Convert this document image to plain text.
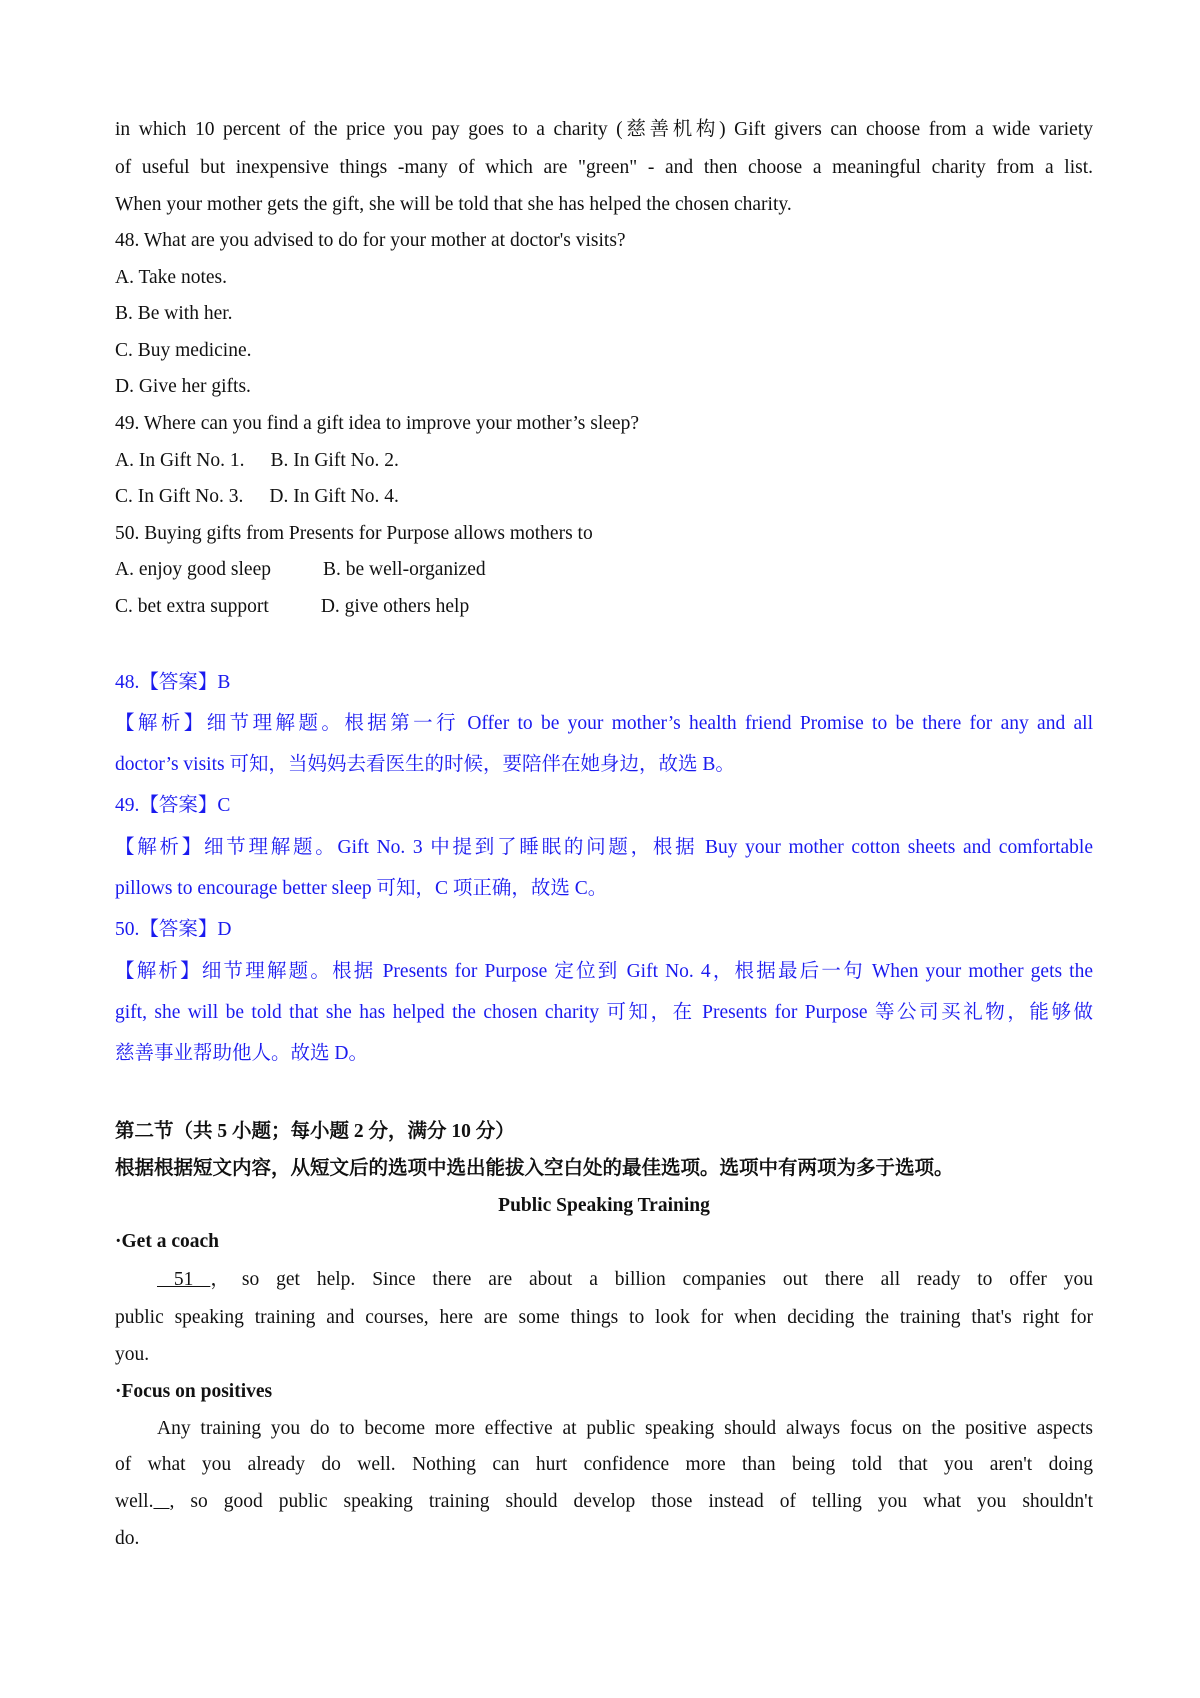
in which 10 percent of the price you pay goes to a charity (慈善机构) Gift givers can choose from a wide variety
of useful but inexpensive things -many of which are "green" - and then choose a meaningful charity from a list.
When your mother gets the gift, she will be told that she has helped the chosen charity.
48. What are you advised to do for your mother at doctor's visits?
A. Take notes.
B. Be with her.
C. Buy medicine.
D. Give her gifts.
49. Where can you find a gift idea to improve your mother’s sleep?
A. In Gift No. 1. B. In Gift No. 2.
C. In Gift No. 3. D. In Gift No. 4.
50. Buying gifts from Presents for Purpose allows mothers to
A. enjoy good sleep	B. be well-organized
C. bet extra support	D. give others help
48.【答案】B
【解析】细节理解题。根据第一行 Offer to be your mother’s health friend Promise to be there for any and all
doctor’s visits 可知，当妈妈去看医生的时候，要陪伴在她身边，故选 B。
49.【答案】C
【解析】细节理解题。Gift No. 3 中提到了睡眠的问题，根据 Buy your mother cotton sheets and comfortable
pillows to encourage better sleep 可知，C 项正确，故选 C。
50.【答案】D
【解析】细节理解题。根据 Presents for Purpose 定位到 Gift No. 4，根据最后一句 When your mother gets the
gift, she will be told that she has helped the chosen charity 可知，在 Presents for Purpose 等公司买礼物，能够做
慈善事业帮助他人。故选 D。
第二节（共 5 小题；每小题 2 分，满分 10 分）
根据根据短文内容，从短文后的选项中选出能拔入空白处的最佳选项。选项中有两项为多于选项。
Public Speaking Training
·Get a coach
51 ，so get help. Since there are about a billion companies out there all ready to offer you
public speaking training and courses, here are some things to look for when deciding the training that's right for
you.
·Focus on positives
Any training you do to become more effective at public speaking should always focus on the positive aspects
of what you already do well. Nothing can hurt confidence more than being told that you aren't doing
well. , so good public speaking training should develop those instead of telling you what you shouldn't
do.
